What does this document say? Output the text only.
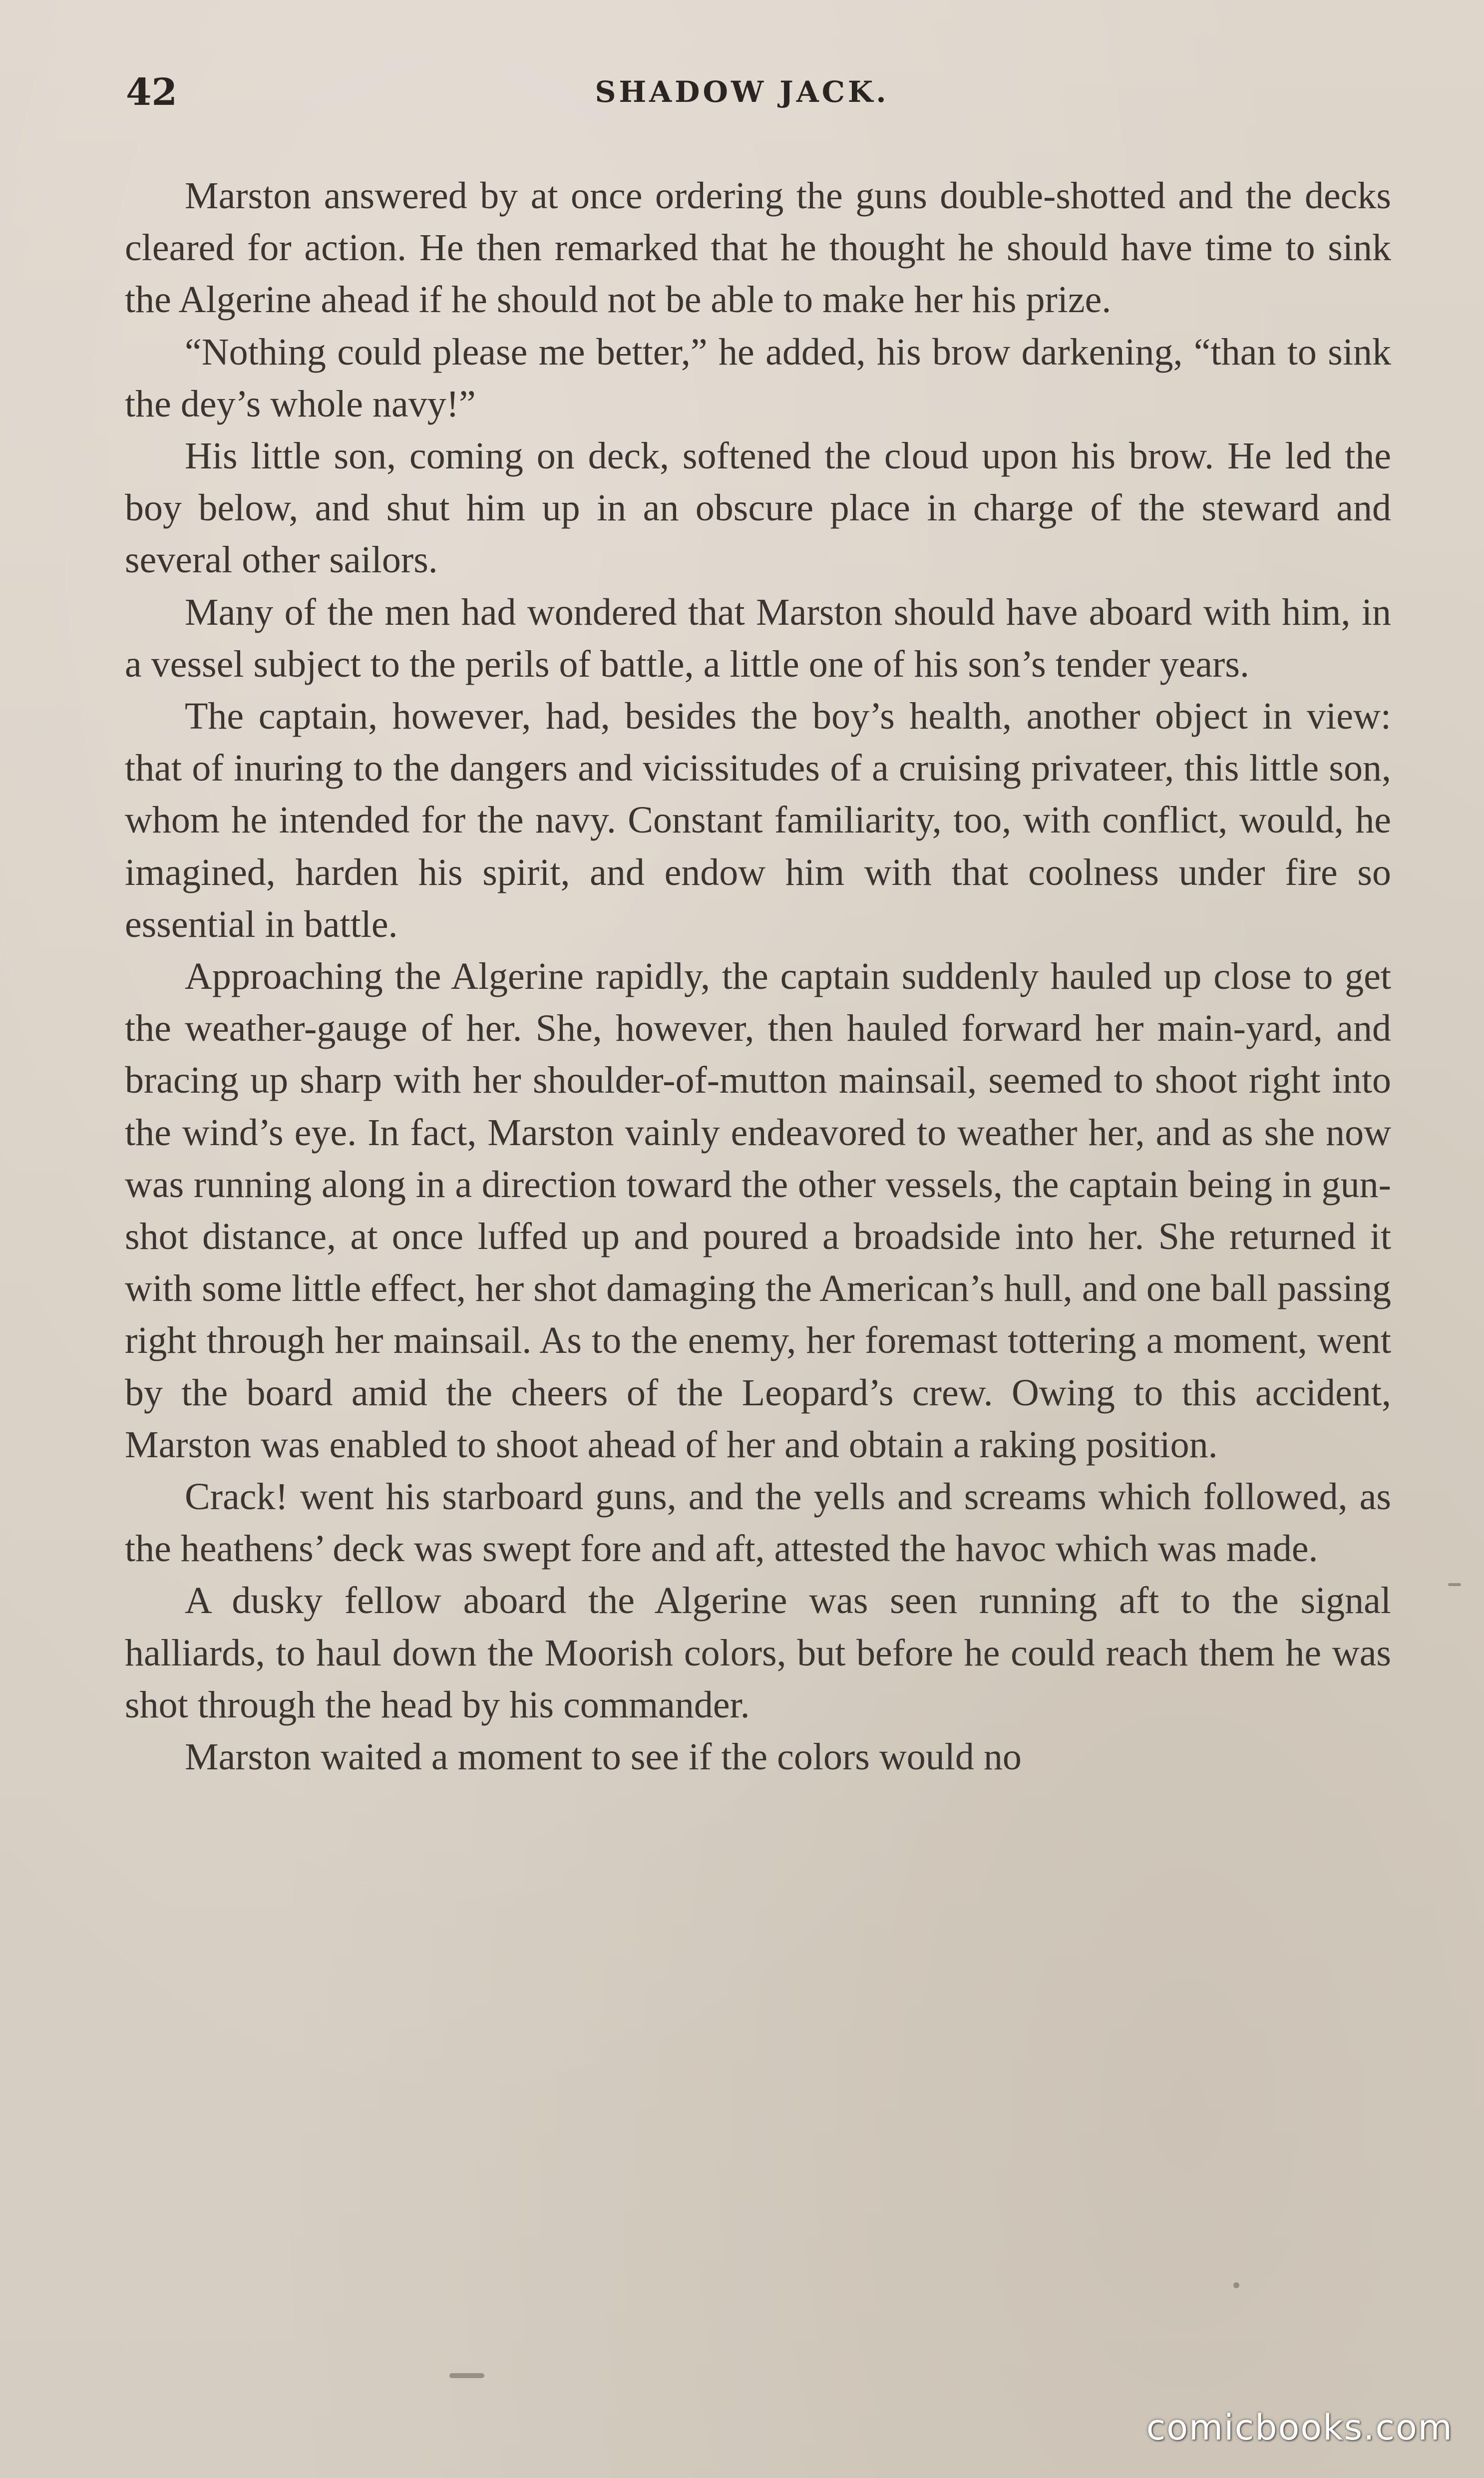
42	SHADOW JACK.

Marston answered by at once ordering the guns double-shotted and the decks cleared for action. He then remarked that he thought he should have time to sink the Algerine ahead if he should not be able to make her his prize.

“Nothing could please me better,” he added, his brow darkening, “than to sink the dey’s whole navy!”

His little son, coming on deck, softened the cloud upon his brow. He led the boy below, and shut him up in an obscure place in charge of the steward and several other sailors.

Many of the men had wondered that Marston should have aboard with him, in a vessel subject to the perils of battle, a little one of his son’s tender years.

The captain, however, had, besides the boy’s health, another object in view: that of inuring to the dangers and vicissitudes of a cruising privateer, this little son, whom he intended for the navy. Constant familiarity, too, with conflict, would, he imagined, harden his spirit, and endow him with that coolness under fire so essential in battle.

Approaching the Algerine rapidly, the captain suddenly hauled up close to get the weather-gauge of her. She, however, then hauled forward her main-yard, and bracing up sharp with her shoulder-of-mutton mainsail, seemed to shoot right into the wind’s eye. In fact, Marston vainly endeavored to weather her, and as she now was running along in a direction toward the other vessels, the captain being in gun-shot distance, at once luffed up and poured a broadside into her. She returned it with some little effect, her shot damaging the American’s hull, and one ball passing right through her mainsail. As to the enemy, her foremast tottering a moment, went by the board amid the cheers of the Leopard’s crew. Owing to this accident, Marston was enabled to shoot ahead of her and obtain a raking position.

Crack! went his starboard guns, and the yells and screams which followed, as the heathens’ deck was swept fore and aft, attested the havoc which was made.

A dusky fellow aboard the Algerine was seen running aft to the signal halliards, to haul down the Moorish colors, but before he could reach them he was shot through the head by his commander.

Marston waited a moment to see if the colors would no

comicbooks.com
